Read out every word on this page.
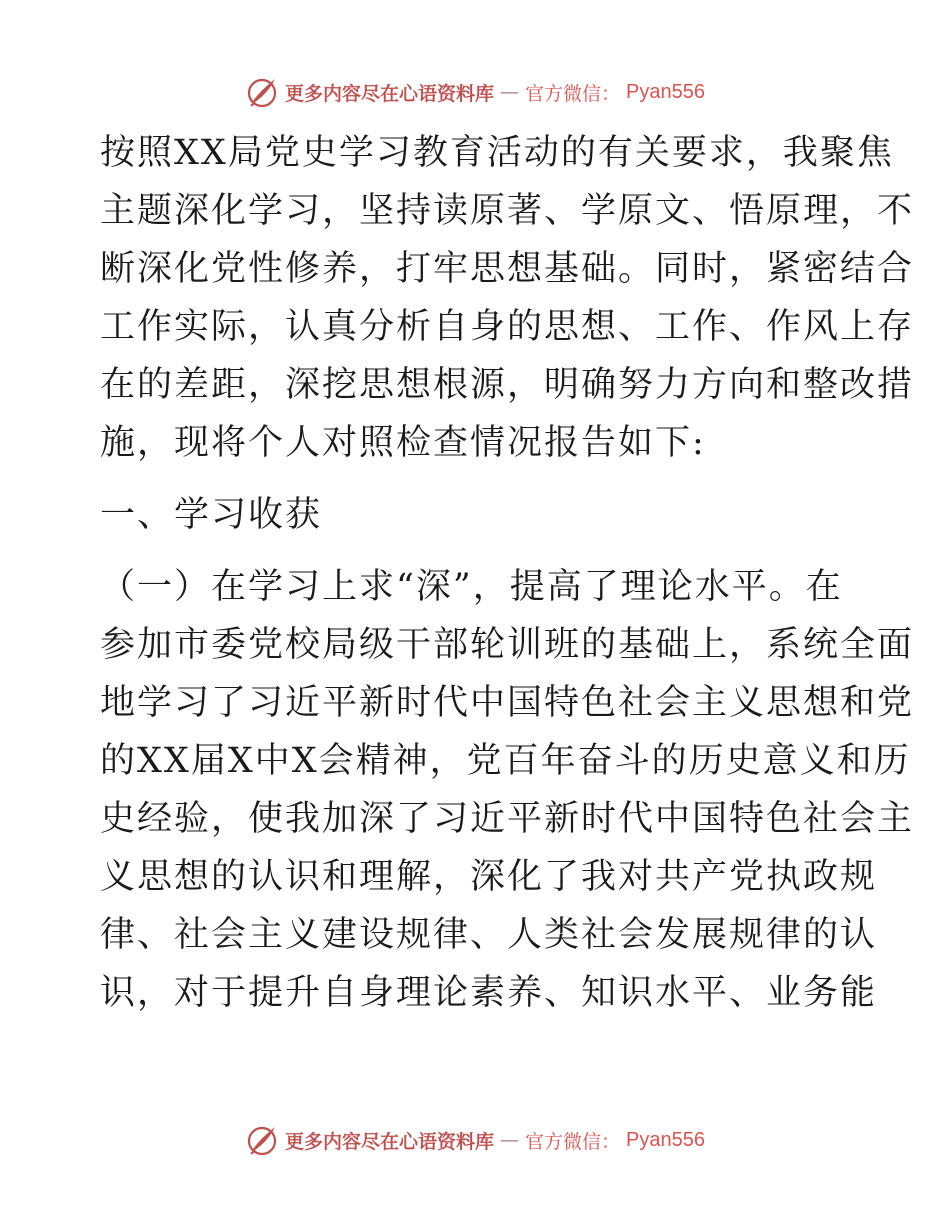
更多内容尽在心语资料库 — 官方微信： Pyan556
按照XX局党史学习教育活动的有关要求，我聚焦
主题深化学习，坚持读原著、学原文、悟原理，不
断深化党性修养，打牢思想基础。同时，紧密结合
工作实际，认真分析自身的思想、工作、作风上存
在的差距，深挖思想根源，明确努力方向和整改措
施，现将个人对照检查情况报告如下:
一、学习收获
（一）在学习上求“深”，提高了理论水平。在
参加市委党校局级干部轮训班的基础上，系统全面
地学习了习近平新时代中国特色社会主义思想和党
的XX届X中X会精神，党百年奋斗的历史意义和历
史经验，使我加深了习近平新时代中国特色社会主
义思想的认识和理解，深化了我对共产党执政规
律、社会主义建设规律、人类社会发展规律的认
识，对于提升自身理论素养、知识水平、业务能
更多内容尽在心语资料库 — 官方微信： Pyan556
